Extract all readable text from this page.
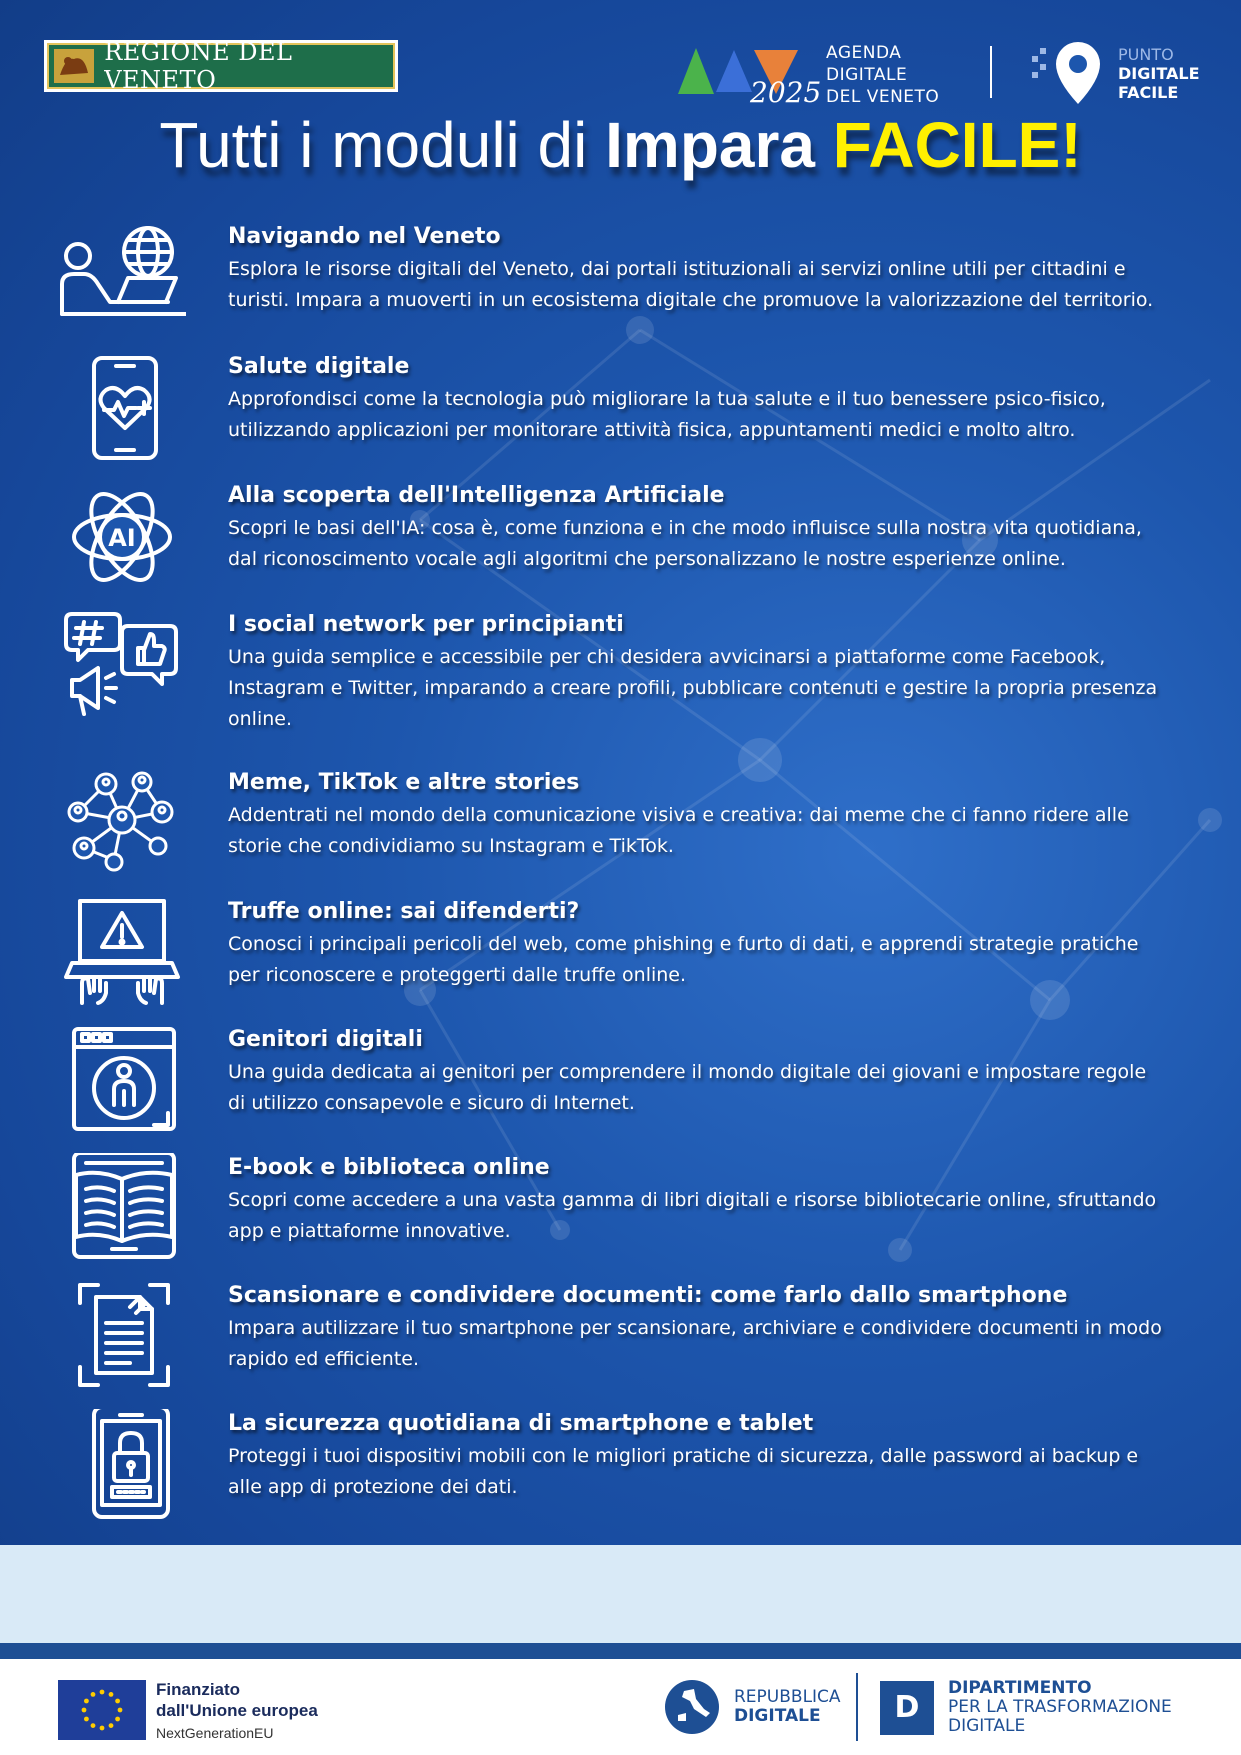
REGIONE DEL VENETO	2025
AGENDA
DIGITALE
DEL VENETO
PUNTO
DIGITALE
FACILE
Tutti i moduli di Impara FACILE!
Navigando nel Veneto

Esplora le risorse digitali del Veneto, dai portali istituzionali ai servizi online utili per cittadini e turisti. Impara a muoverti in un ecosistema digitale che promuove la valorizzazione del territorio.

Salute digitale

Approfondisci come la tecnologia può migliorare la tua salute e il tuo benessere psico-fisico, utilizzando applicazioni per monitorare attività fisica, appuntamenti medici e molto altro.

AI
Alla scoperta dell'Intelligenza Artificiale

Scopri le basi dell'IA: cosa è, come funziona e in che modo influisce sulla nostra vita quotidiana, dal riconoscimento vocale agli algoritmi che personalizzano le nostre esperienze online.

I social network per principianti

Una guida semplice e accessibile per chi desidera avvicinarsi a piattaforme come Facebook, Instagram e Twitter, imparando a creare profili, pubblicare contenuti e gestire la propria presenza online.

Meme, TikTok e altre stories

Addentrati nel mondo della comunicazione visiva e creativa: dai meme che ci fanno ridere alle storie che condividiamo su Instagram e TikTok.

Truffe online: sai difenderti?

Conosci i principali pericoli del web, come phishing e furto di dati, e apprendi strategie pratiche per riconoscere e proteggerti dalle truffe online.

Genitori digitali

Una guida dedicata ai genitori per comprendere il mondo digitale dei giovani e impostare regole di utilizzo consapevole e sicuro di Internet.

E-book e biblioteca online

Scopri come accedere a una vasta gamma di libri digitali e risorse bibliotecarie online, sfruttando app e piattaforme innovative.

Scansionare e condividere documenti: come farlo dallo smartphone

Impara autilizzare il tuo smartphone per scansionare, archiviare e condividere documenti in modo rapido ed efficiente.

La sicurezza quotidiana di smartphone e tablet

Proteggi i tuoi dispositivi mobili con le migliori pratiche di sicurezza, dalle password ai backup e alle app di protezione dei dati.

Finanziato
dall'Unione europea
NextGenerationEU
REPUBBLICA
DIGITALE	D
DIPARTIMENTO
PER LA TRASFORMAZIONE
DIGITALE
